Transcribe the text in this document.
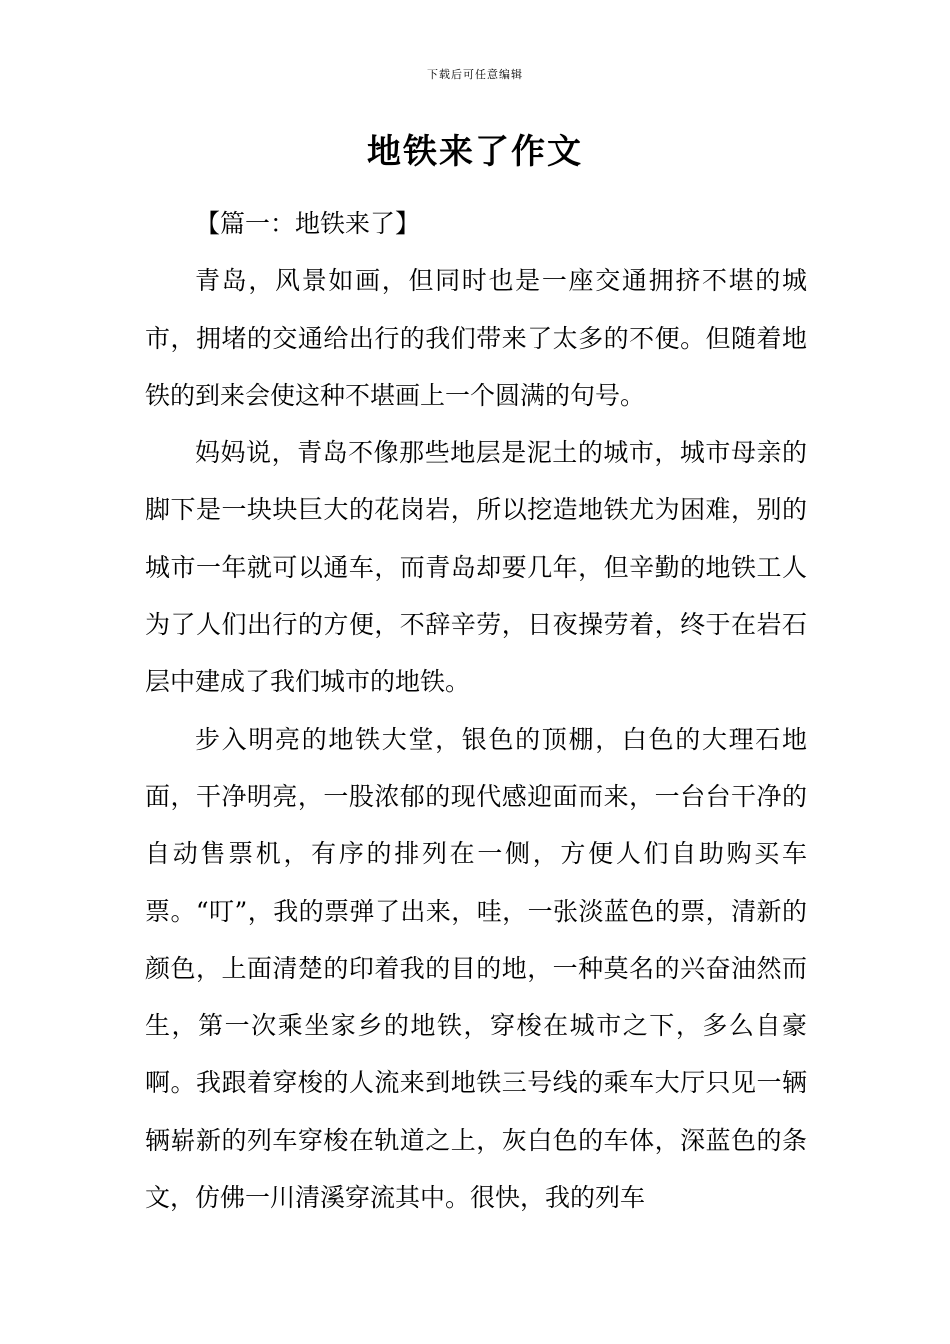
下载后可任意编辑
地铁来了作文

【篇一：地铁来了】

青岛，风景如画，但同时也是一座交通拥挤不堪的城市，拥堵的交通给出行的我们带来了太多的不便。但随着地铁的到来会使这种不堪画上一个圆满的句号。

妈妈说，青岛不像那些地层是泥土的城市，城市母亲的脚下是一块块巨大的花岗岩，所以挖造地铁尤为困难，别的城市一年就可以通车，而青岛却要几年，但辛勤的地铁工人为了人们出行的方便，不辞辛劳，日夜操劳着，终于在岩石层中建成了我们城市的地铁。

步入明亮的地铁大堂，银色的顶棚，白色的大理石地面，干净明亮，一股浓郁的现代感迎面而来，一台台干净的自动售票机，有序的排列在一侧，方便人们自助购买车票。“叮”，我的票弹了出来，哇，一张淡蓝色的票，清新的颜色，上面清楚的印着我的目的地，一种莫名的兴奋油然而生，第一次乘坐家乡的地铁，穿梭在城市之下，多么自豪啊。我跟着穿梭的人流来到地铁三号线的乘车大厅只见一辆辆崭新的列车穿梭在轨道之上，灰白色的车体，深蓝色的条文，仿佛一川清溪穿流其中。很快，我的列车
